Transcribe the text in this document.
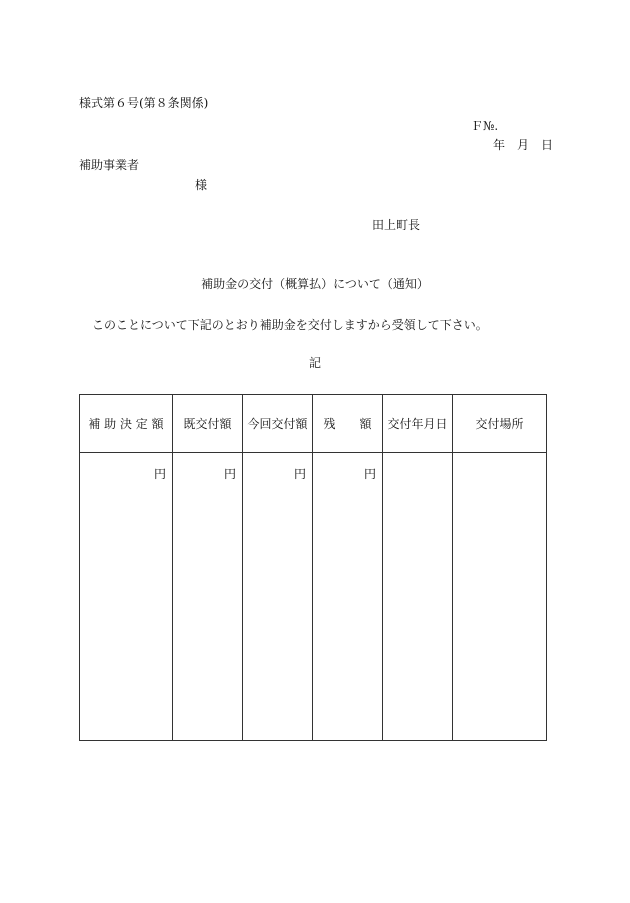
様式第６号(第８条関係)
Ｆ№.
年　月　日
補助事業者
様
田上町長
補助金の交付（概算払）について（通知）
このことについて下記のとおり補助金を交付しますから受領して下さい。
記
補 助 決 定 額	既交付額	今回交付額	残　　額	交付年月日	交付場所

円	円	円	円		
